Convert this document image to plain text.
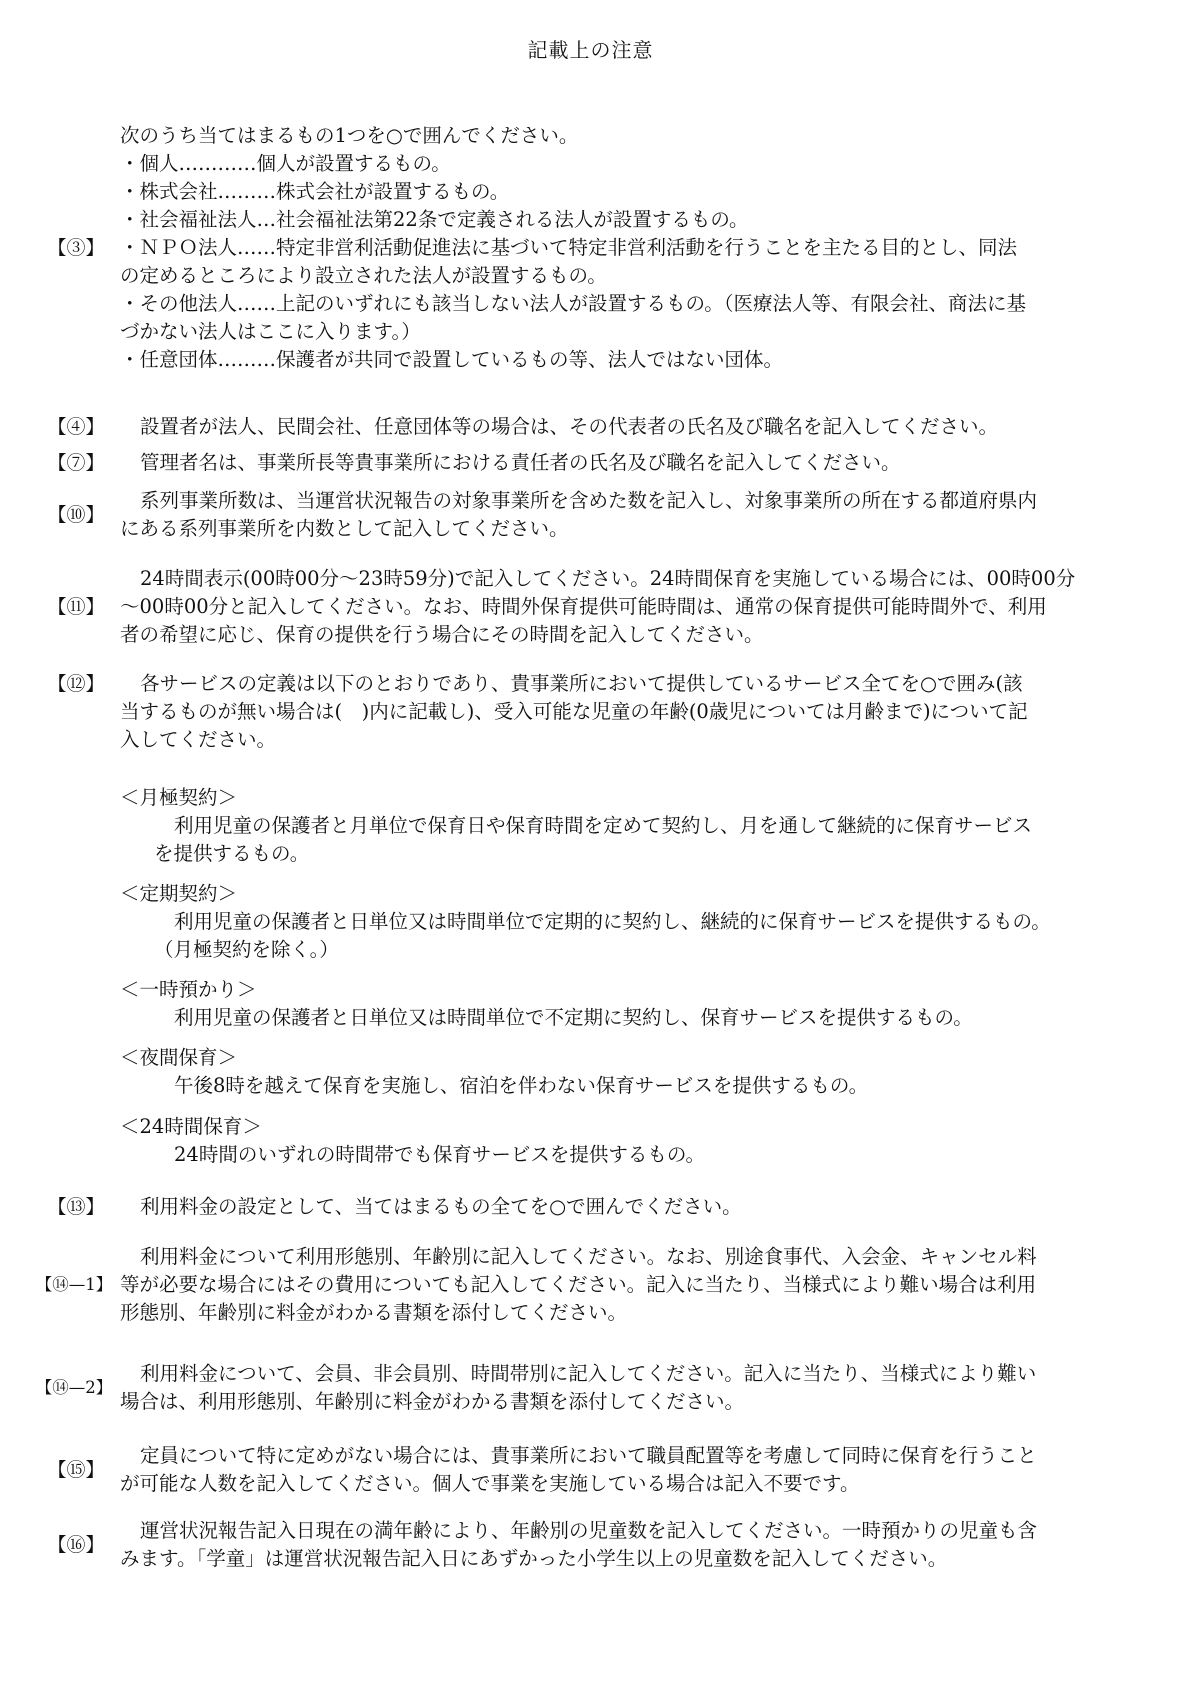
記載上の注意
【③】
次のうち当てはまるもの1つを○で囲んでください。
・個人…………個人が設置するもの。
・株式会社………株式会社が設置するもの。
・社会福祉法人…社会福祉法第22条で定義される法人が設置するもの。
・ＮＰＯ法人……特定非営利活動促進法に基づいて特定非営利活動を行うことを主たる目的とし、同法
の定めるところにより設立された法人が設置するもの。
・その他法人……上記のいずれにも該当しない法人が設置するもの。（医療法人等、有限会社、商法に基
づかない法人はここに入ります。）
・任意団体………保護者が共同で設置しているもの等、法人ではない団体。
【④】	設置者が法人、民間会社、任意団体等の場合は、その代表者の氏名及び職名を記入してください。
【⑦】	管理者名は、事業所長等貴事業所における責任者の氏名及び職名を記入してください。
【⑩】
系列事業所数は、当運営状況報告の対象事業所を含めた数を記入し、対象事業所の所在する都道府県内
にある系列事業所を内数として記入してください。
【⑪】
24時間表示(00時00分～23時59分)で記入してください。24時間保育を実施している場合には、00時00分
～00時00分と記入してください。なお、時間外保育提供可能時間は、通常の保育提供可能時間外で、利用
者の希望に応じ、保育の提供を行う場合にその時間を記入してください。
【⑫】	各サービスの定義は以下のとおりであり、貴事業所において提供しているサービス全てを○で囲み(該
当するものが無い場合は(　)内に記載し)、受入可能な児童の年齢(0歳児については月齢まで)について記
入してください。
＜月極契約＞
利用児童の保護者と月単位で保育日や保育時間を定めて契約し、月を通して継続的に保育サービス
を提供するもの。
＜定期契約＞
利用児童の保護者と日単位又は時間単位で定期的に契約し、継続的に保育サービスを提供するもの。
（月極契約を除く。）
＜一時預かり＞
利用児童の保護者と日単位又は時間単位で不定期に契約し、保育サービスを提供するもの。
＜夜間保育＞
午後8時を越えて保育を実施し、宿泊を伴わない保育サービスを提供するもの。
＜24時間保育＞
24時間のいずれの時間帯でも保育サービスを提供するもの。
【⑬】	利用料金の設定として、当てはまるもの全てを○で囲んでください。
【⑭—1】
利用料金について利用形態別、年齢別に記入してください。なお、別途食事代、入会金、キャンセル料
等が必要な場合にはその費用についても記入してください。記入に当たり、当様式により難い場合は利用
形態別、年齢別に料金がわかる書類を添付してください。
【⑭—2】
利用料金について、会員、非会員別、時間帯別に記入してください。記入に当たり、当様式により難い
場合は、利用形態別、年齢別に料金がわかる書類を添付してください。
【⑮】
定員について特に定めがない場合には、貴事業所において職員配置等を考慮して同時に保育を行うこと
が可能な人数を記入してください。個人で事業を実施している場合は記入不要です。
【⑯】
運営状況報告記入日現在の満年齢により、年齢別の児童数を記入してください。一時預かりの児童も含
みます。「学童」は運営状況報告記入日にあずかった小学生以上の児童数を記入してください。
